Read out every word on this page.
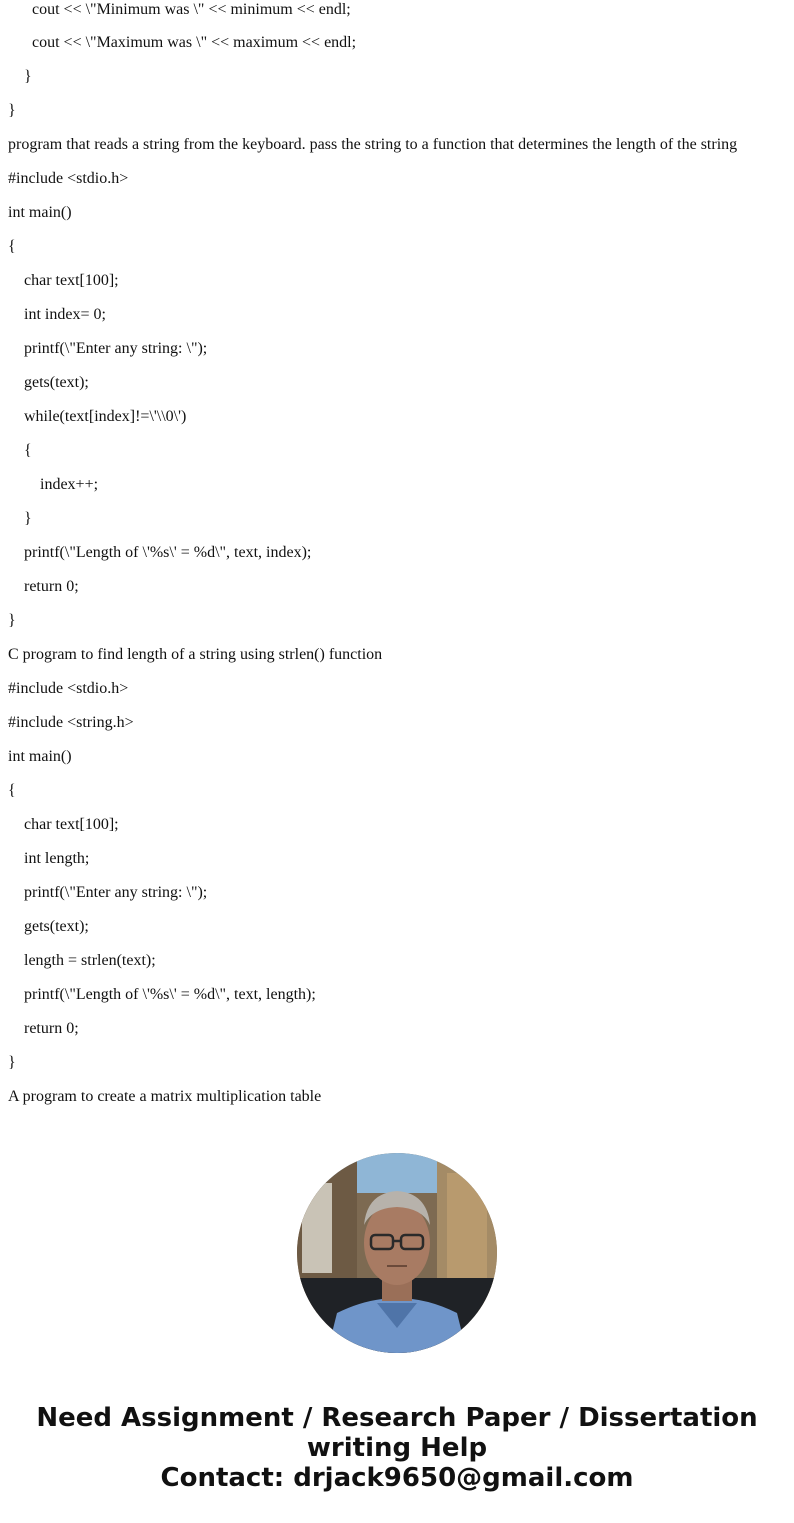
cout << \"Minimum was \" << minimum << endl;

cout << \"Maximum was \" << maximum << endl;

}

}

program that reads a string from the keyboard. pass the string to a function that determines the length of the string

#include <stdio.h>

int main()

{

char text[100];

int index= 0;

printf(\"Enter any string: \");

gets(text);

while(text[index]!=\'\\0\')

{

index++;

}

printf(\"Length of \'%s\' = %d\", text, index);

return 0;

}

C program to find length of a string using strlen() function

#include <stdio.h>

#include <string.h>

int main()

{

char text[100];

int length;

printf(\"Enter any string: \");

gets(text);

length = strlen(text);

printf(\"Length of \'%s\' = %d\", text, length);

return 0;

}

A program to create a matrix multiplication table

Need Assignment / Research Paper / Dissertation
writing Help
Contact: drjack9650@gmail.com
